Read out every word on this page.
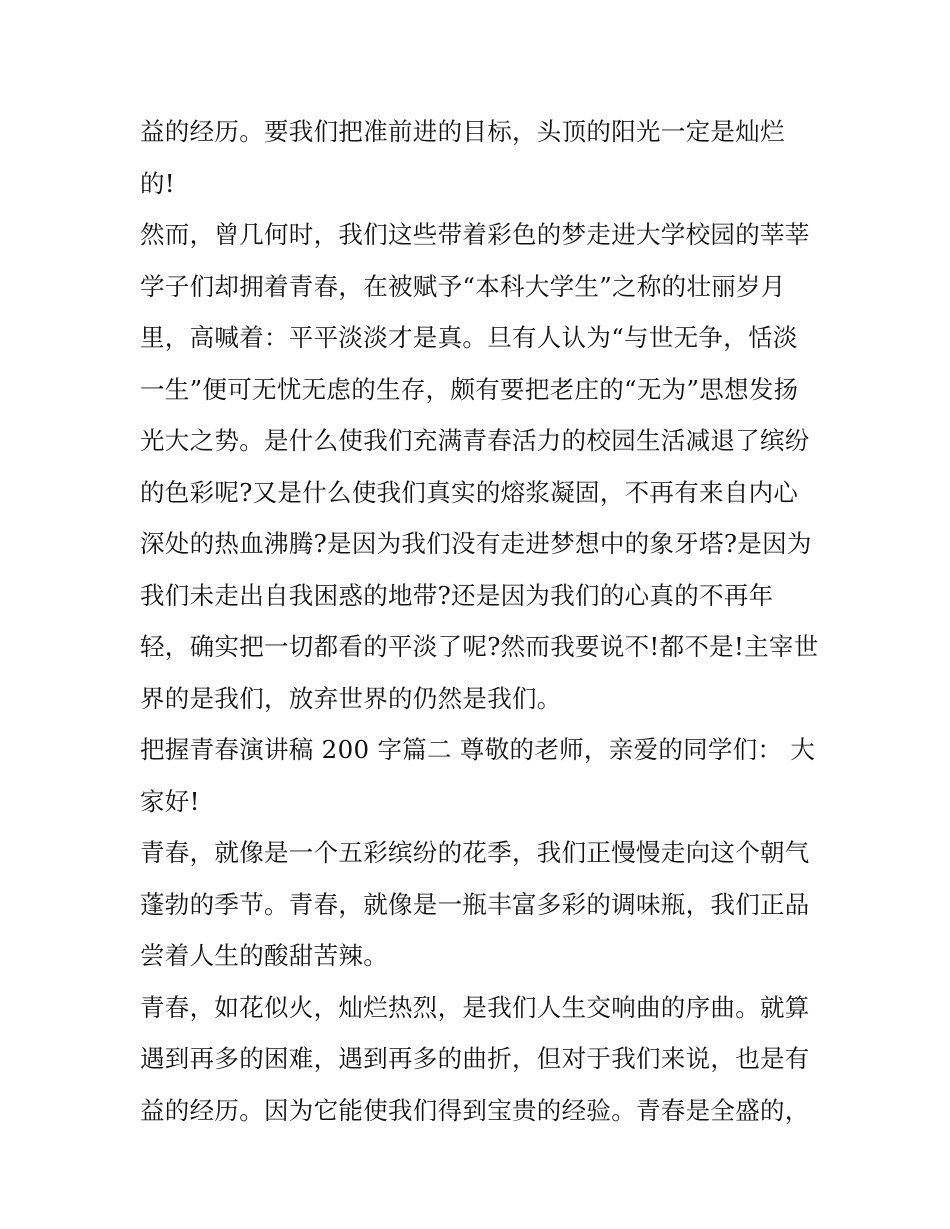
益的经历。要我们把准前进的目标，头顶的阳光一定是灿烂
的!
然而，曾几何时，我们这些带着彩色的梦走进大学校园的莘莘
学子们却拥着青春，在被赋予“本科大学生”之称的壮丽岁月
里，高喊着：平平淡淡才是真。旦有人认为“与世无争，恬淡
一生”便可无忧无虑的生存，颇有要把老庄的“无为”思想发扬
光大之势。是什么使我们充满青春活力的校园生活减退了缤纷
的色彩呢?又是什么使我们真实的熔浆凝固，不再有来自内心
深处的热血沸腾?是因为我们没有走进梦想中的象牙塔?是因为
我们未走出自我困惑的地带?还是因为我们的心真的不再年
轻，确实把一切都看的平淡了呢?然而我要说不!都不是!主宰世
界的是我们，放弃世界的仍然是我们。
把握青春演讲稿 200 字篇二 尊敬的老师，亲爱的同学们： 大
家好!
青春，就像是一个五彩缤纷的花季，我们正慢慢走向这个朝气
蓬勃的季节。青春，就像是一瓶丰富多彩的调味瓶，我们正品
尝着人生的酸甜苦辣。
青春，如花似火，灿烂热烈，是我们人生交响曲的序曲。就算
遇到再多的困难，遇到再多的曲折，但对于我们来说，也是有
益的经历。因为它能使我们得到宝贵的经验。青春是全盛的，
